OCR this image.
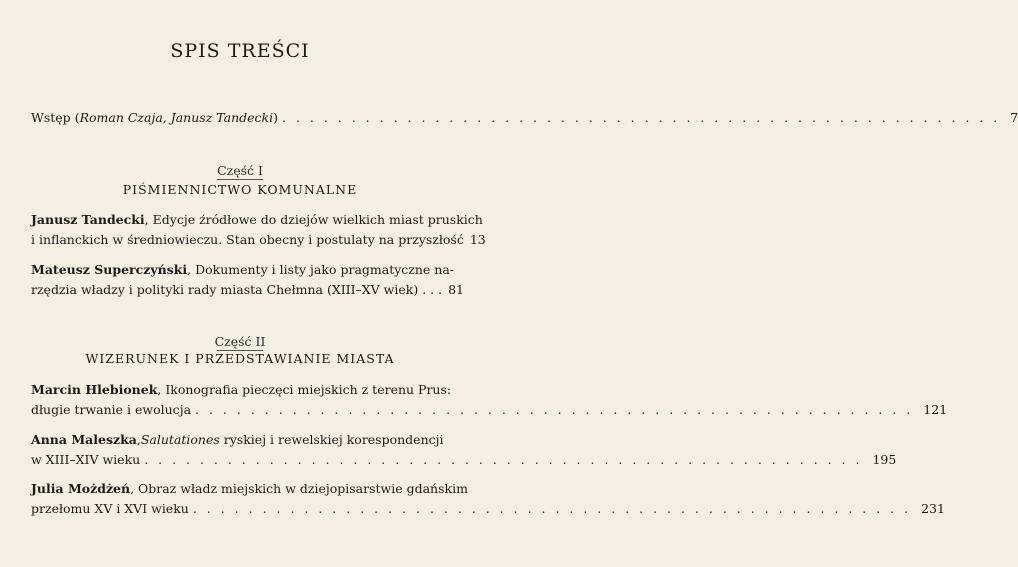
SPIS TREŚCI
Wstęp ( Roman Czaja, Janusz Tandecki ) . . .	7
Część I
PIŚMIENNICTWO KOMUNALNE
Janusz Tandecki , Edycje źródłowe do dziejów wielkich miast pruskich
i inflanckich w średniowieczu. Stan obecny i postulaty na przyszłość 13
Mateusz Superczyński , Dokumenty i listy jako pragmatyczne na-
rzędzia władzy i polityki rady miasta Chełmna (XIII–XV wiek) . . . 81
Część II
WIZERUNEK I PRZEDSTAWIANIE MIASTA
Marcin Hlebionek , Ikonografia pieczęci miejskich z terenu Prus:
długie trwanie i ewolucja . . .	121
Anna Maleszka , Salutationes ryskiej i rewelskiej korespondencji
w XIII–XIV wieku . . .	195
Julia Możdżeń , Obraz władz miejskich w dziejopisarstwie gdańskim
przełomu XV i XVI wieku . . .	231
